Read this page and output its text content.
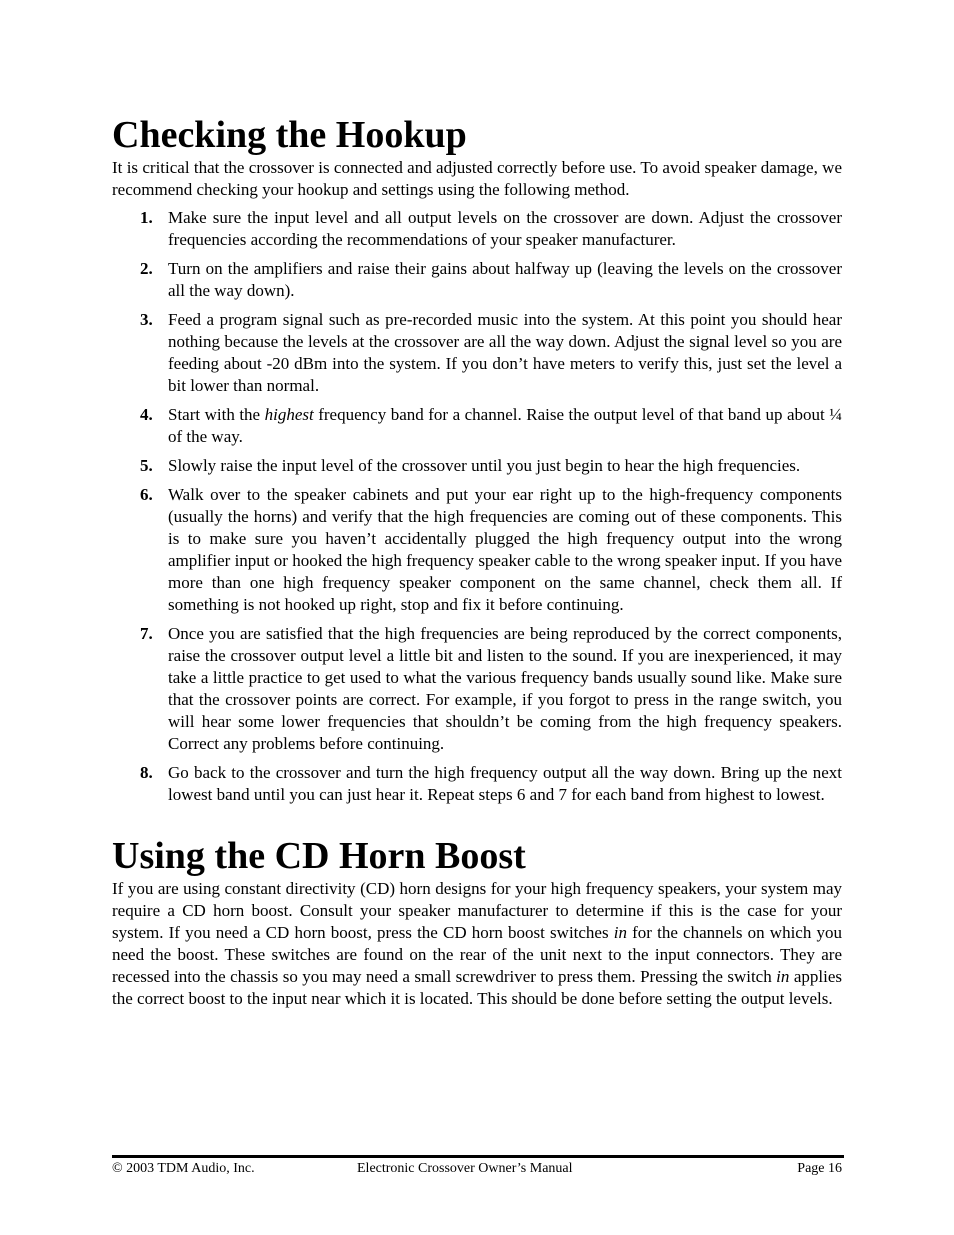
Checking the Hookup

It is critical that the crossover is connected and adjusted correctly before use. To avoid speaker damage, we recommend checking your hookup and settings using the following method.

1. Make sure the input level and all output levels on the crossover are down. Adjust the crossover frequencies according the recommendations of your speaker manufacturer.
2. Turn on the amplifiers and raise their gains about halfway up (leaving the levels on the crossover all the way down).
3. Feed a program signal such as pre-recorded music into the system. At this point you should hear nothing because the levels at the crossover are all the way down. Adjust the signal level so you are feeding about -20 dBm into the system. If you don’t have meters to verify this, just set the level a bit lower than normal.
4. Start with the highest frequency band for a channel. Raise the output level of that band up about ¼ of the way.
5. Slowly raise the input level of the crossover until you just begin to hear the high frequencies.
6. Walk over to the speaker cabinets and put your ear right up to the high-frequency components (usually the horns) and verify that the high frequencies are coming out of these components. This is to make sure you haven’t accidentally plugged the high frequency output into the wrong amplifier input or hooked the high frequency speaker cable to the wrong speaker input. If you have more than one high frequency speaker component on the same channel, check them all. If something is not hooked up right, stop and fix it before continuing.
7. Once you are satisfied that the high frequencies are being reproduced by the correct components, raise the crossover output level a little bit and listen to the sound. If you are inexperienced, it may take a little practice to get used to what the various frequency bands usually sound like. Make sure that the crossover points are correct. For example, if you forgot to press in the range switch, you will hear some lower frequencies that shouldn’t be coming from the high frequency speakers. Correct any problems before continuing.
8. Go back to the crossover and turn the high frequency output all the way down. Bring up the next lowest band until you can just hear it. Repeat steps 6 and 7 for each band from highest to lowest.
Using the CD Horn Boost

If you are using constant directivity (CD) horn designs for your high frequency speakers, your system may require a CD horn boost. Consult your speaker manufacturer to determine if this is the case for your system. If you need a CD horn boost, press the CD horn boost switches in for the channels on which you need the boost. These switches are found on the rear of the unit next to the input connectors. They are recessed into the chassis so you may need a small screwdriver to press them. Pressing the switch in applies the correct boost to the input near which it is located. This should be done before setting the output levels.

© 2003 TDM Audio, Inc.	Electronic Crossover Owner’s Manual	Page 16
